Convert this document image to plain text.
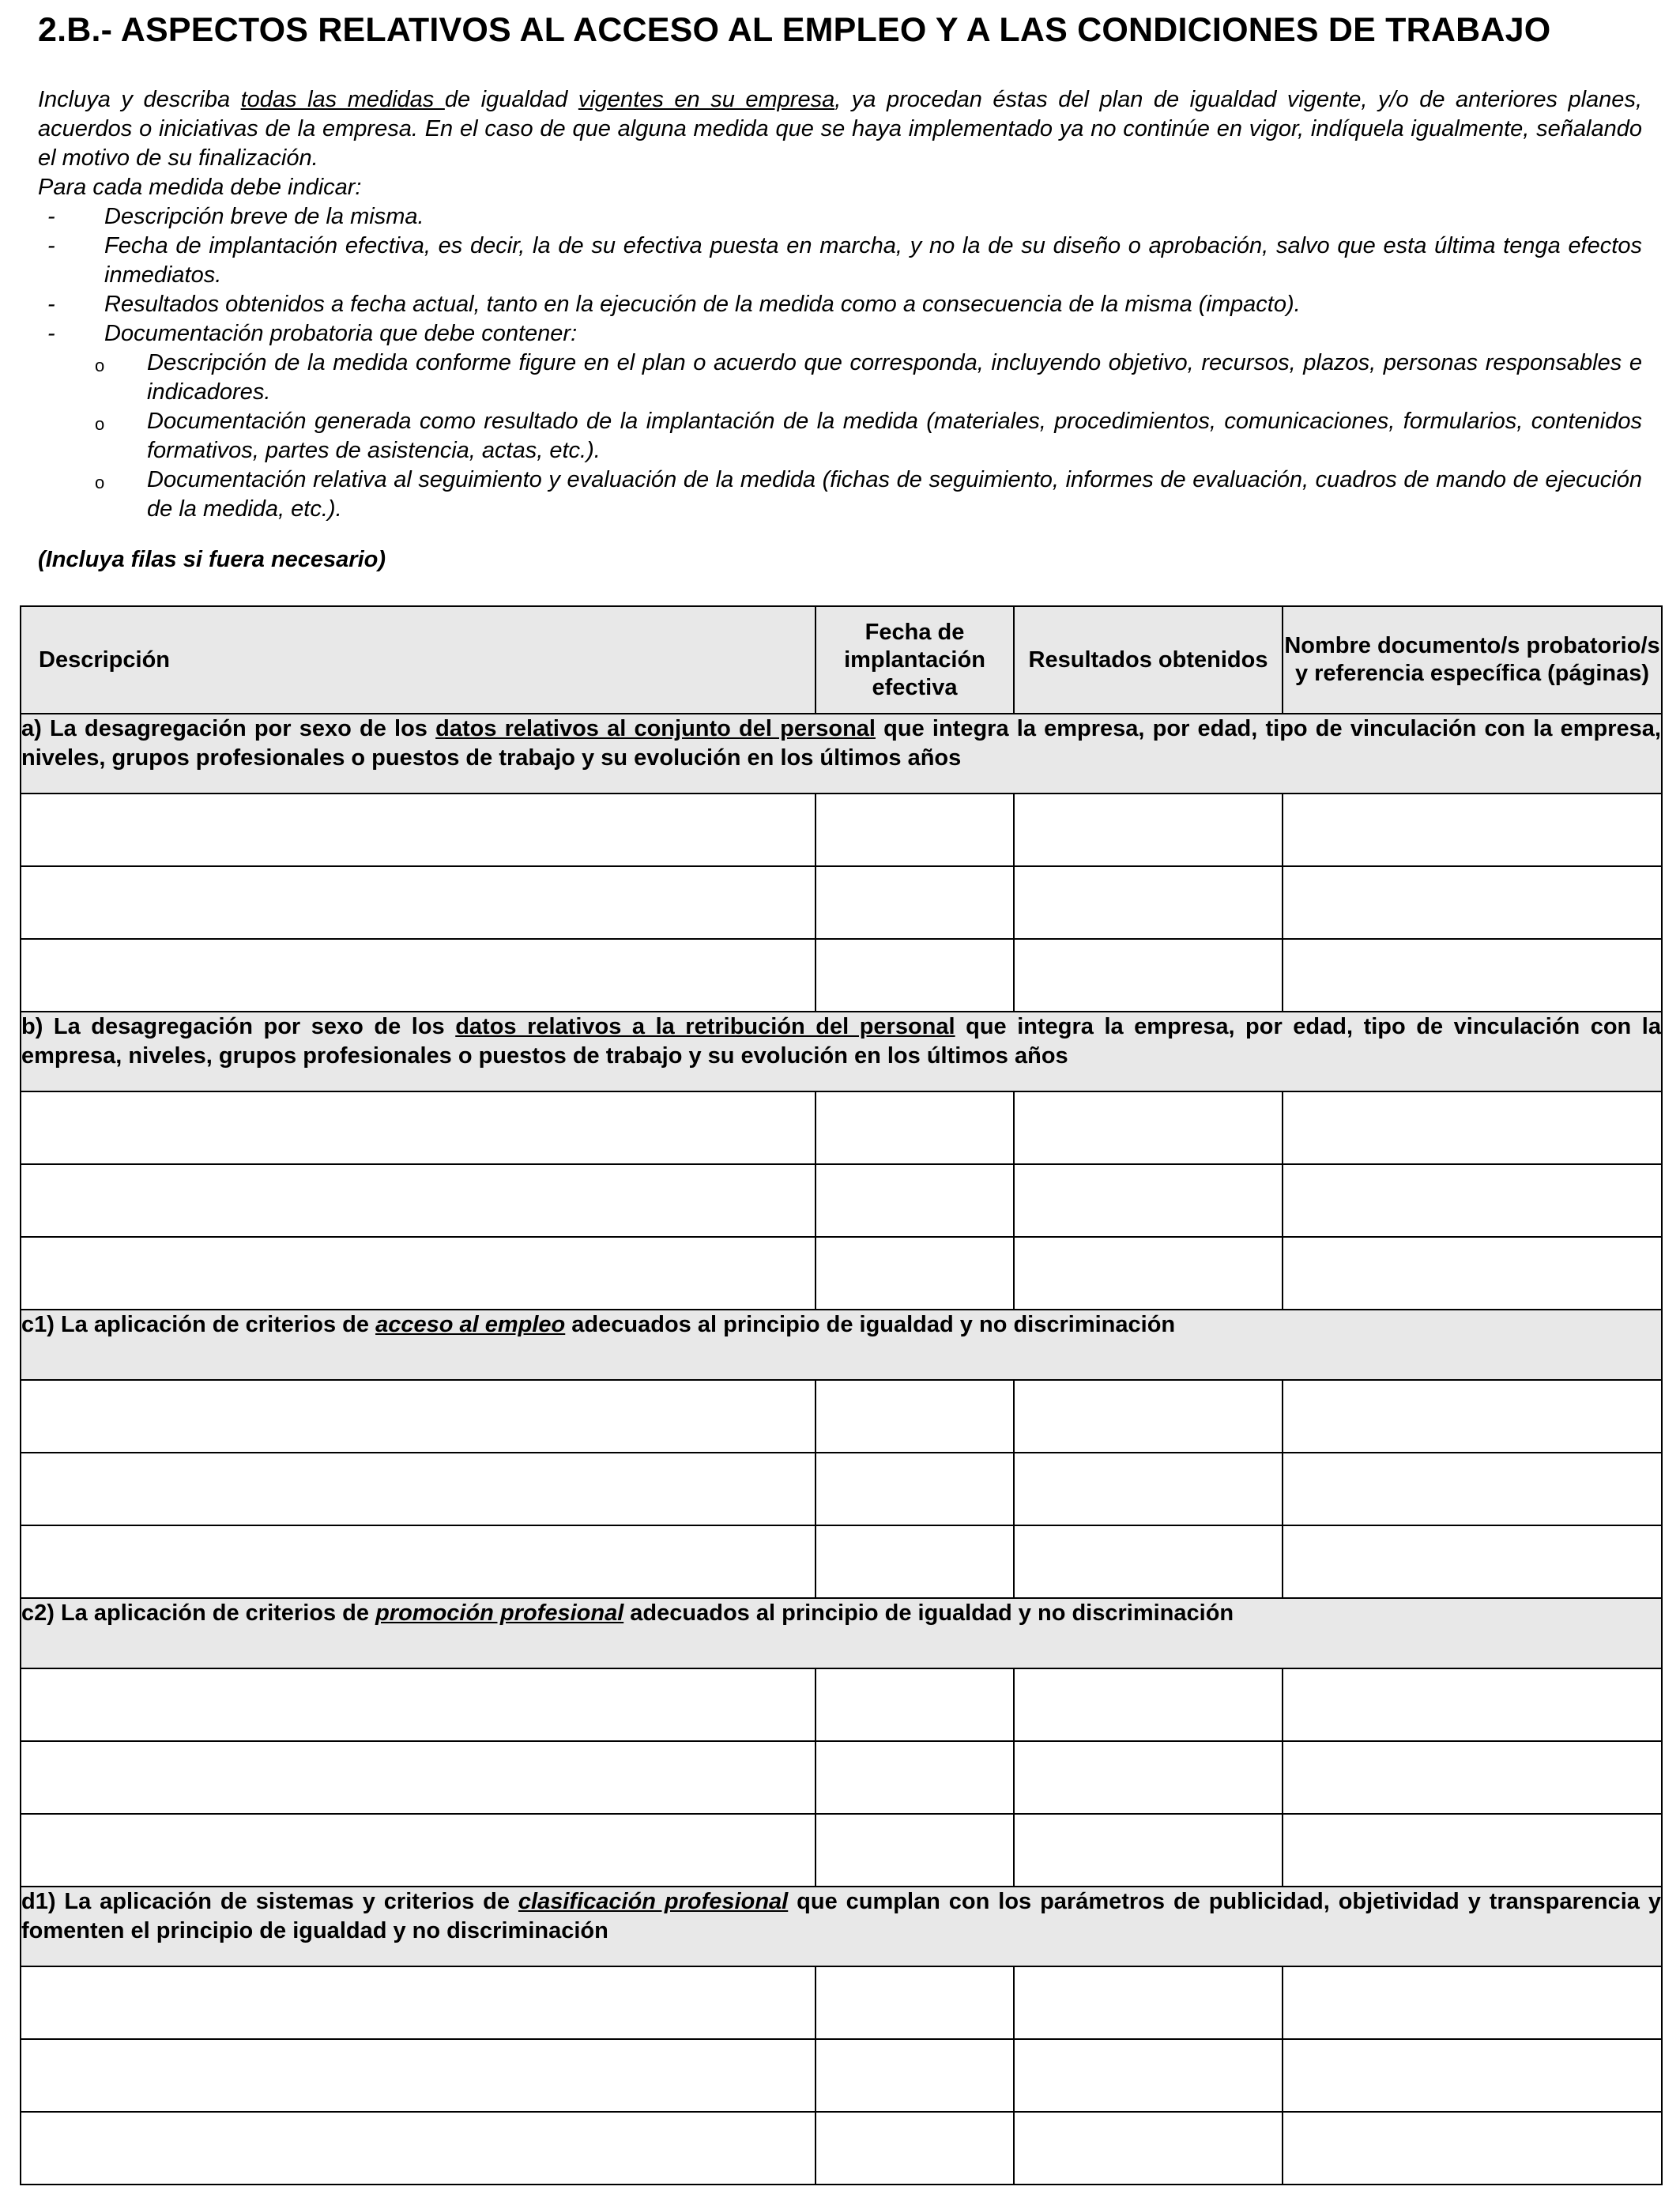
2.B.- ASPECTOS RELATIVOS AL ACCESO AL EMPLEO Y A LAS CONDICIONES DE TRABAJO
Incluya y describa todas las medidas de igualdad vigentes en su empresa, ya procedan éstas del plan de igualdad vigente, y/o de anteriores planes, acuerdos o iniciativas de la empresa. En el caso de que alguna medida que se haya implementado ya no continúe en vigor, indíquela igualmente, señalando el motivo de su finalización.
Para cada medida debe indicar:
-	Descripción breve de la misma.
-	Fecha de implantación efectiva, es decir, la de su efectiva puesta en marcha, y no la de su diseño o aprobación, salvo que esta última tenga efectos inmediatos.
-	Resultados obtenidos a fecha actual, tanto en la ejecución de la medida como a consecuencia de la misma (impacto).
-	Documentación probatoria que debe contener:
o	Descripción de la medida conforme figure en el plan o acuerdo que corresponda, incluyendo objetivo, recursos, plazos, personas responsables e indicadores.
o	Documentación generada como resultado de la implantación de la medida (materiales, procedimientos, comunicaciones, formularios, contenidos formativos, partes de asistencia, actas, etc.).
o	Documentación relativa al seguimiento y evaluación de la medida (fichas de seguimiento, informes de evaluación, cuadros de mando de ejecución de la medida, etc.).
(Incluya filas si fuera necesario)
Descripción	Fecha de implantación efectiva	Resultados obtenidos	Nombre documento/s probatorio/s y referencia específica (páginas)
a) La desagregación por sexo de los datos relativos al conjunto del personal que integra la empresa, por edad, tipo de vinculación con la empresa, niveles, grupos profesionales o puestos de trabajo y su evolución en los últimos años			

b) La desagregación por sexo de los datos relativos a la retribución del personal que integra la empresa, por edad, tipo de vinculación con la empresa, niveles, grupos profesionales o puestos de trabajo y su evolución en los últimos años			

c1) La aplicación de criterios de acceso al empleo adecuados al principio de igualdad y no discriminación			

c2) La aplicación de criterios de promoción profesional adecuados al principio de igualdad y no discriminación			

d1) La aplicación de sistemas y criterios de clasificación profesional que cumplan con los parámetros de publicidad, objetividad y transparencia y fomenten el principio de igualdad y no discriminación			
